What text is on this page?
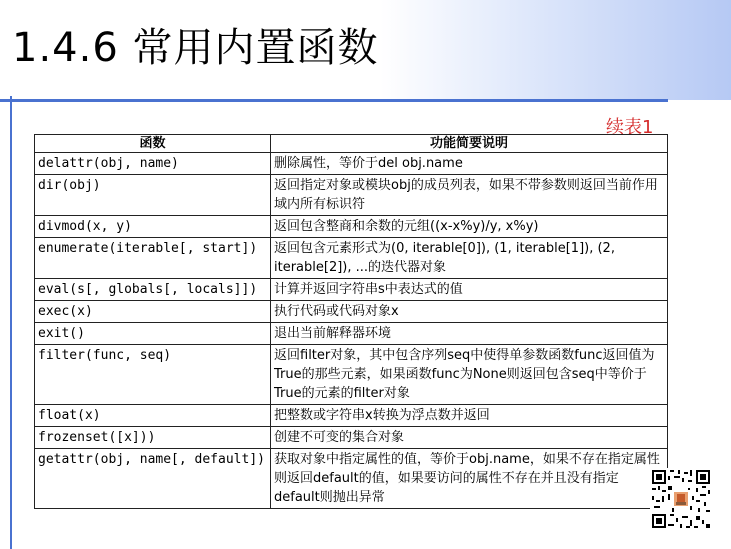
1.4.6 常用内置函数
续表1
函数	功能简要说明
delattr(obj, name)	删除属性，等价于del obj.name
dir(obj)	返回指定对象或模块obj的成员列表，如果不带参数则返回当前作用域内所有标识符
divmod(x, y)	返回包含整商和余数的元组((x-x%y)/y, x%y)
enumerate(iterable[, start])	返回包含元素形式为(0, iterable[0]), (1, iterable[1]), (2, iterable[2]), ...的迭代器对象
eval(s[, globals[, locals]])	计算并返回字符串s中表达式的值
exec(x)	执行代码或代码对象x
exit()	退出当前解释器环境
filter(func, seq)	返回filter对象，其中包含序列seq中使得单参数函数func返回值为True的那些元素，如果函数func为None则返回包含seq中等价于True的元素的filter对象
float(x)	把整数或字符串x转换为浮点数并返回
frozenset([x]))	创建不可变的集合对象
getattr(obj, name[, default])	获取对象中指定属性的值，等价于obj.name，如果不存在指定属性则返回default的值，如果要访问的属性不存在并且没有指定default则抛出异常
